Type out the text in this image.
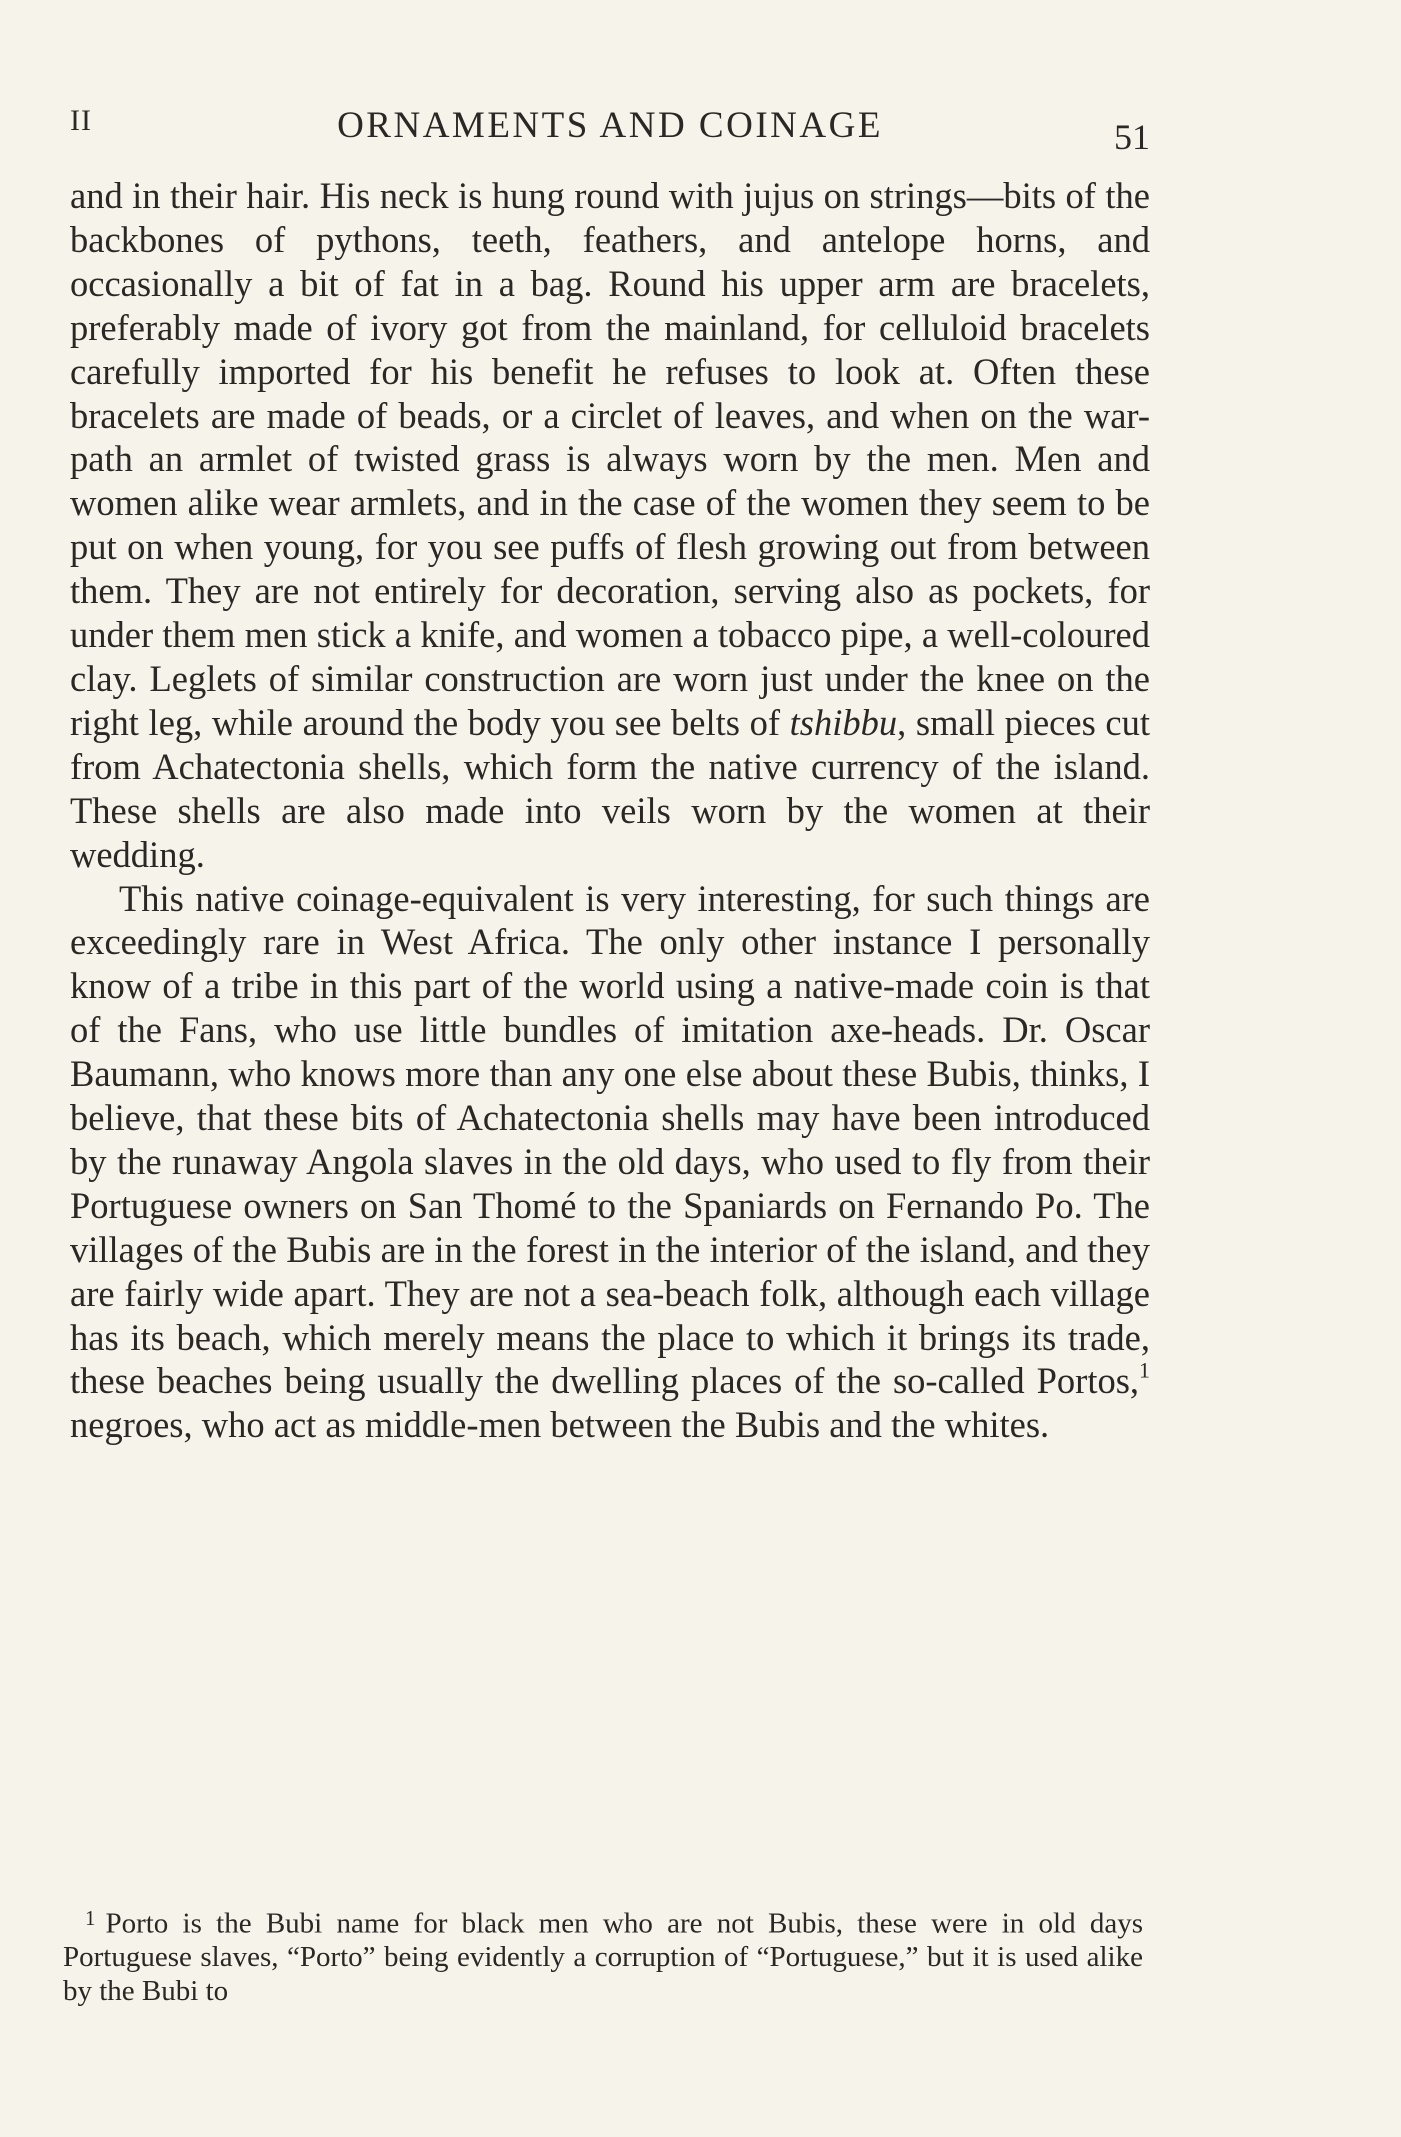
II	ORNAMENTS AND COINAGE	51

and in their hair. His neck is hung round with jujus on strings—bits of the backbones of pythons, teeth, feathers, and antelope horns, and occasionally a bit of fat in a bag. Round his upper arm are bracelets, preferably made of ivory got from the mainland, for celluloid bracelets carefully imported for his benefit he refuses to look at. Often these bracelets are made of beads, or a circlet of leaves, and when on the war-path an armlet of twisted grass is always worn by the men. Men and women alike wear armlets, and in the case of the women they seem to be put on when young, for you see puffs of flesh growing out from between them. They are not entirely for decoration, serving also as pockets, for under them men stick a knife, and women a tobacco pipe, a well-coloured clay. Leglets of similar construction are worn just under the knee on the right leg, while around the body you see belts of tshibbu, small pieces cut from Achatectonia shells, which form the native currency of the island. These shells are also made into veils worn by the women at their wedding.

This native coinage-equivalent is very interesting, for such things are exceedingly rare in West Africa. The only other instance I personally know of a tribe in this part of the world using a native-made coin is that of the Fans, who use little bundles of imitation axe-heads. Dr. Oscar Baumann, who knows more than any one else about these Bubis, thinks, I believe, that these bits of Achatectonia shells may have been introduced by the runaway Angola slaves in the old days, who used to fly from their Portuguese owners on San Thomé to the Spaniards on Fernando Po. The villages of the Bubis are in the forest in the interior of the island, and they are fairly wide apart. They are not a sea-beach folk, although each village has its beach, which merely means the place to which it brings its trade, these beaches being usually the dwelling places of the so-called Portos,$^1$ negroes, who act as middle-men between the Bubis and the whites.

$^1$ Porto is the Bubi name for black men who are not Bubis, these were in old days Portuguese slaves, “Porto” being evidently a corruption of “Portuguese,” but it is used alike by the Bubi to
